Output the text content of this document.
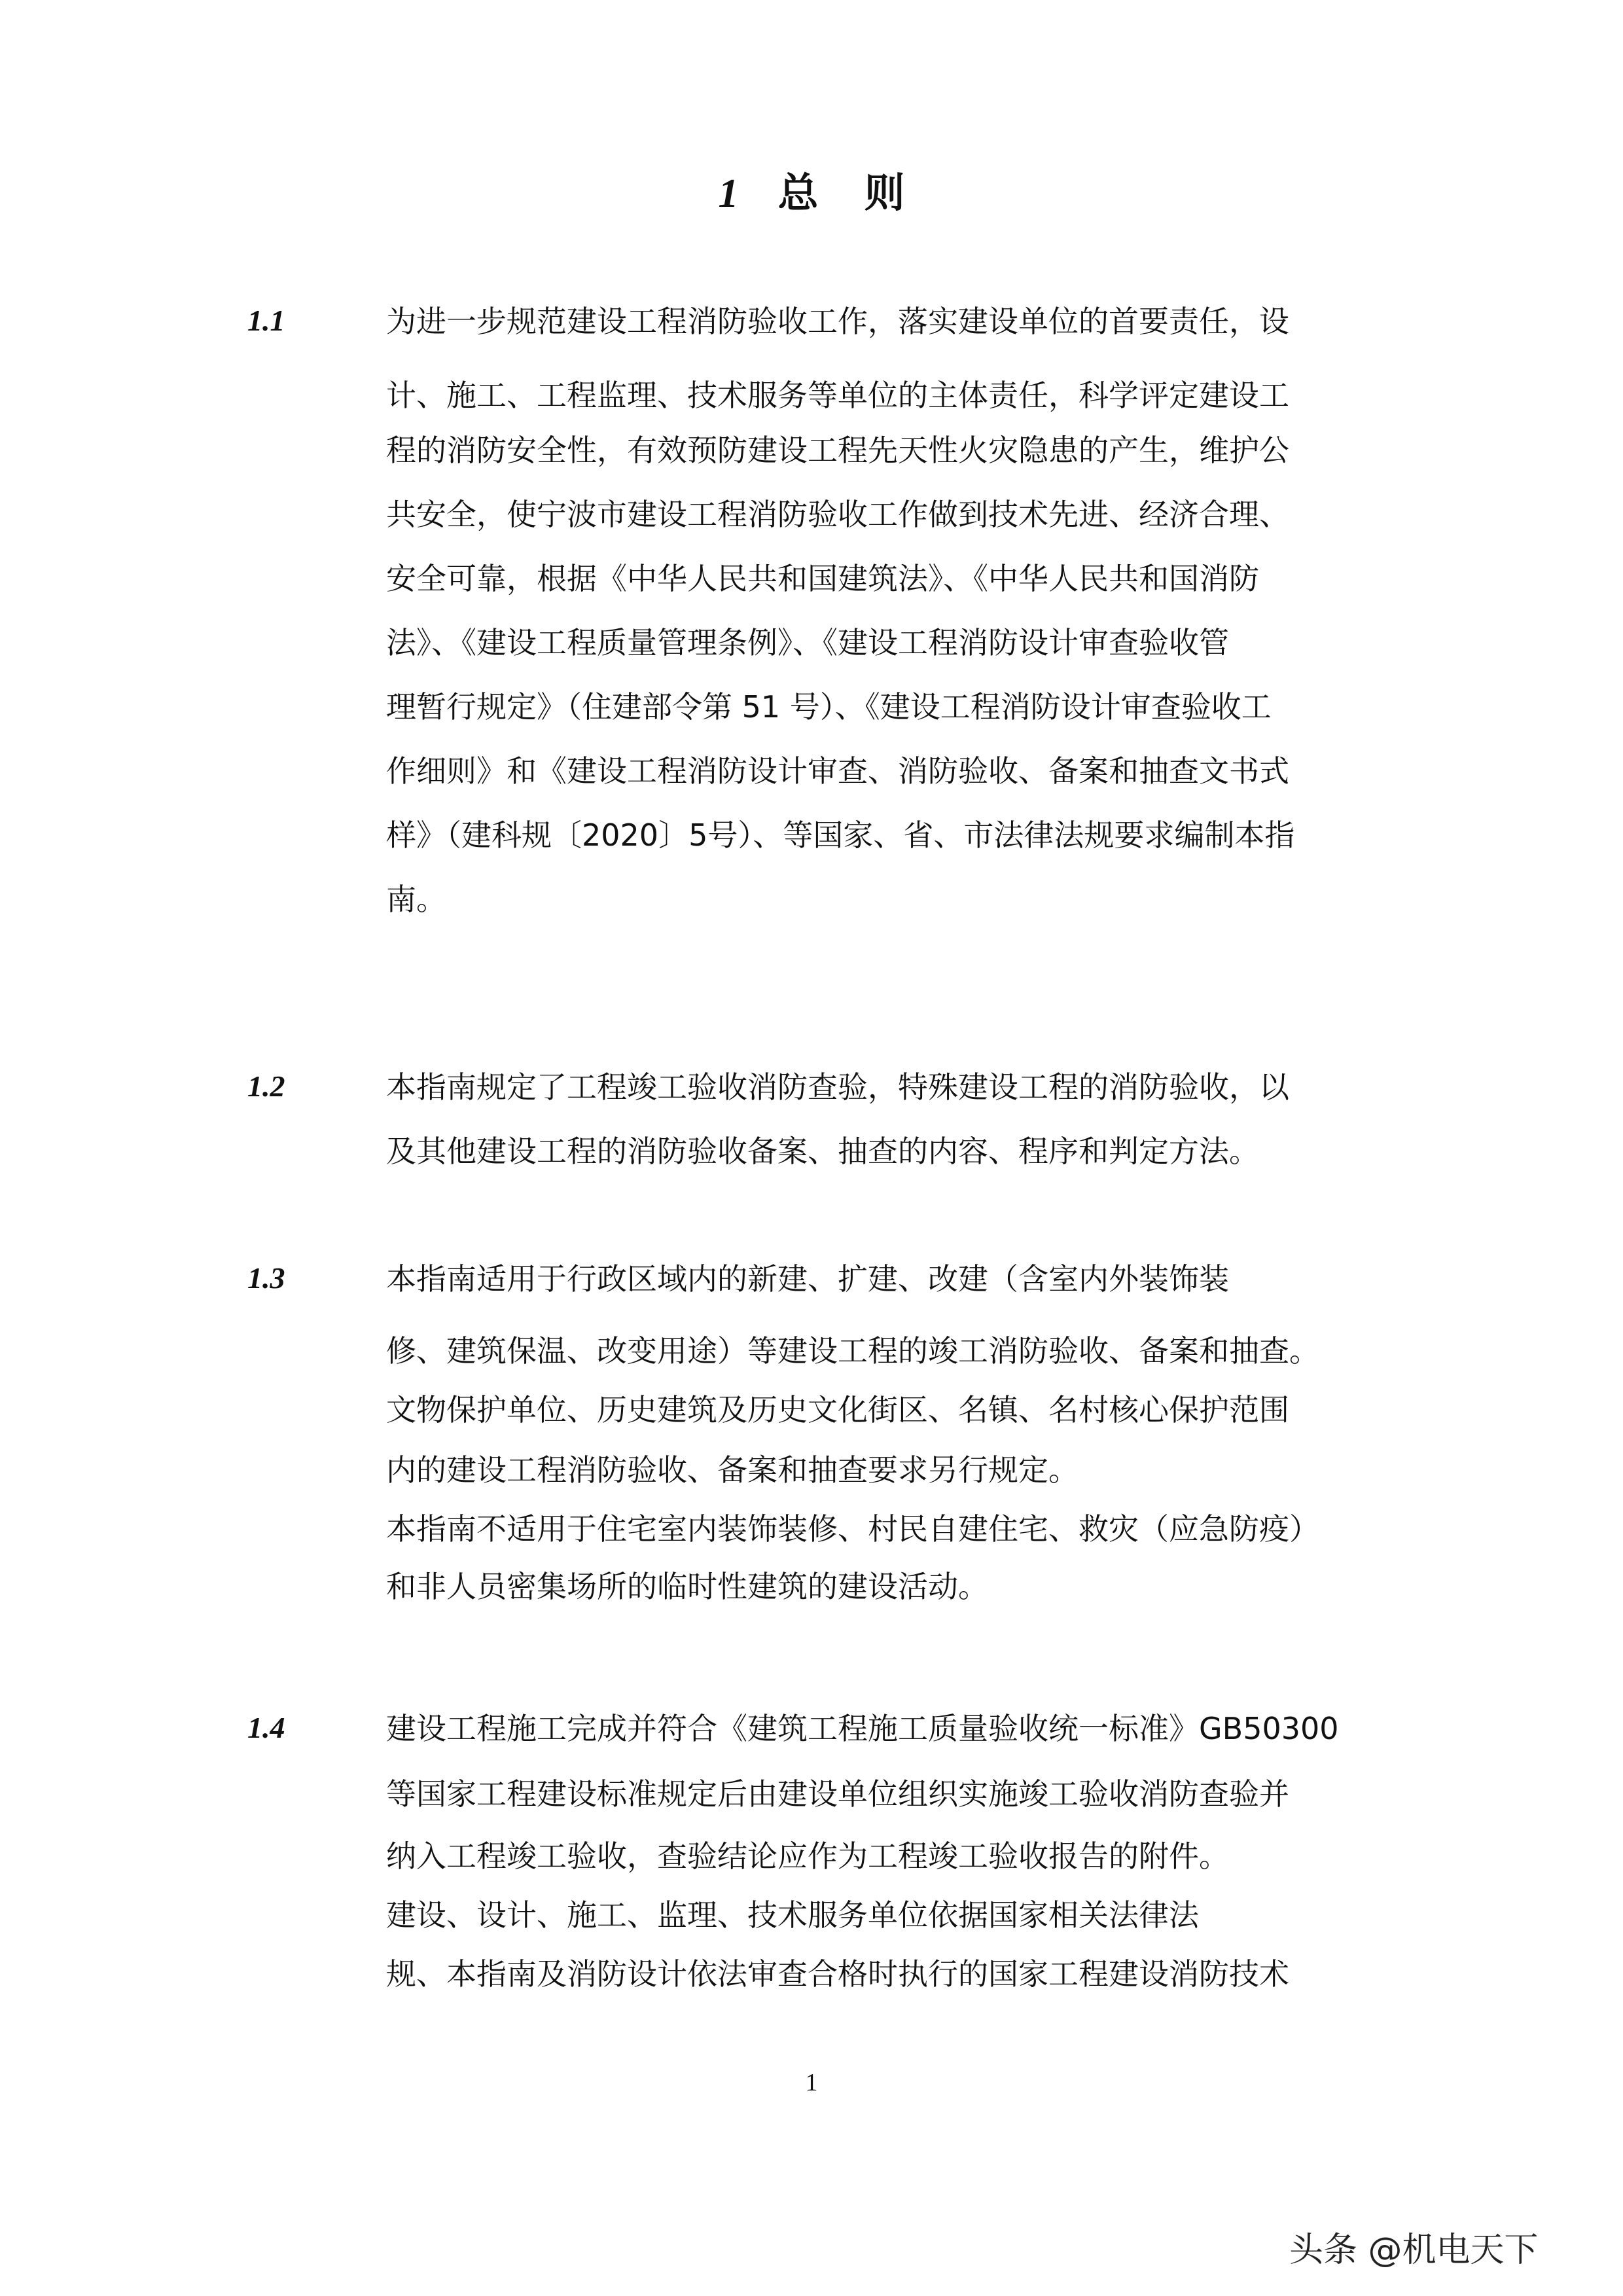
1 总 则
1.1	为进一步规范建设工程消防验收工作，落实建设单位的首要责任，设
计、施工、工程监理、技术服务等单位的主体责任，科学评定建设工
程的消防安全性，有效预防建设工程先天性火灾隐患的产生，维护公
共安全，使宁波市建设工程消防验收工作做到技术先进、经济合理、
安全可靠，根据《中华人民共和国建筑法》、《中华人民共和国消防
法》、《建设工程质量管理条例》、《建设工程消防设计审查验收管
理暂行规定》（住建部令第 51 号）、《建设工程消防设计审查验收工
作细则》和《建设工程消防设计审查、消防验收、备案和抽查文书式
样》（建科规〔2020〕5号）、等国家、省、市法律法规要求编制本指
南。
1.2	本指南规定了工程竣工验收消防查验，特殊建设工程的消防验收，以
及其他建设工程的消防验收备案、抽查的内容、程序和判定方法。
1.3	本指南适用于行政区域内的新建、扩建、改建（含室内外装饰装
修、建筑保温、改变用途）等建设工程的竣工消防验收、备案和抽查。
文物保护单位、历史建筑及历史文化街区、名镇、名村核心保护范围
内的建设工程消防验收、备案和抽查要求另行规定。
本指南不适用于住宅室内装饰装修、村民自建住宅、救灾（应急防疫）
和非人员密集场所的临时性建筑的建设活动。
1.4	建设工程施工完成并符合《建筑工程施工质量验收统一标准》GB50300
等国家工程建设标准规定后由建设单位组织实施竣工验收消防查验并
纳入工程竣工验收，查验结论应作为工程竣工验收报告的附件。
建设、设计、施工、监理、技术服务单位依据国家相关法律法
规、本指南及消防设计依法审查合格时执行的国家工程建设消防技术
1
头条 @机电天下
